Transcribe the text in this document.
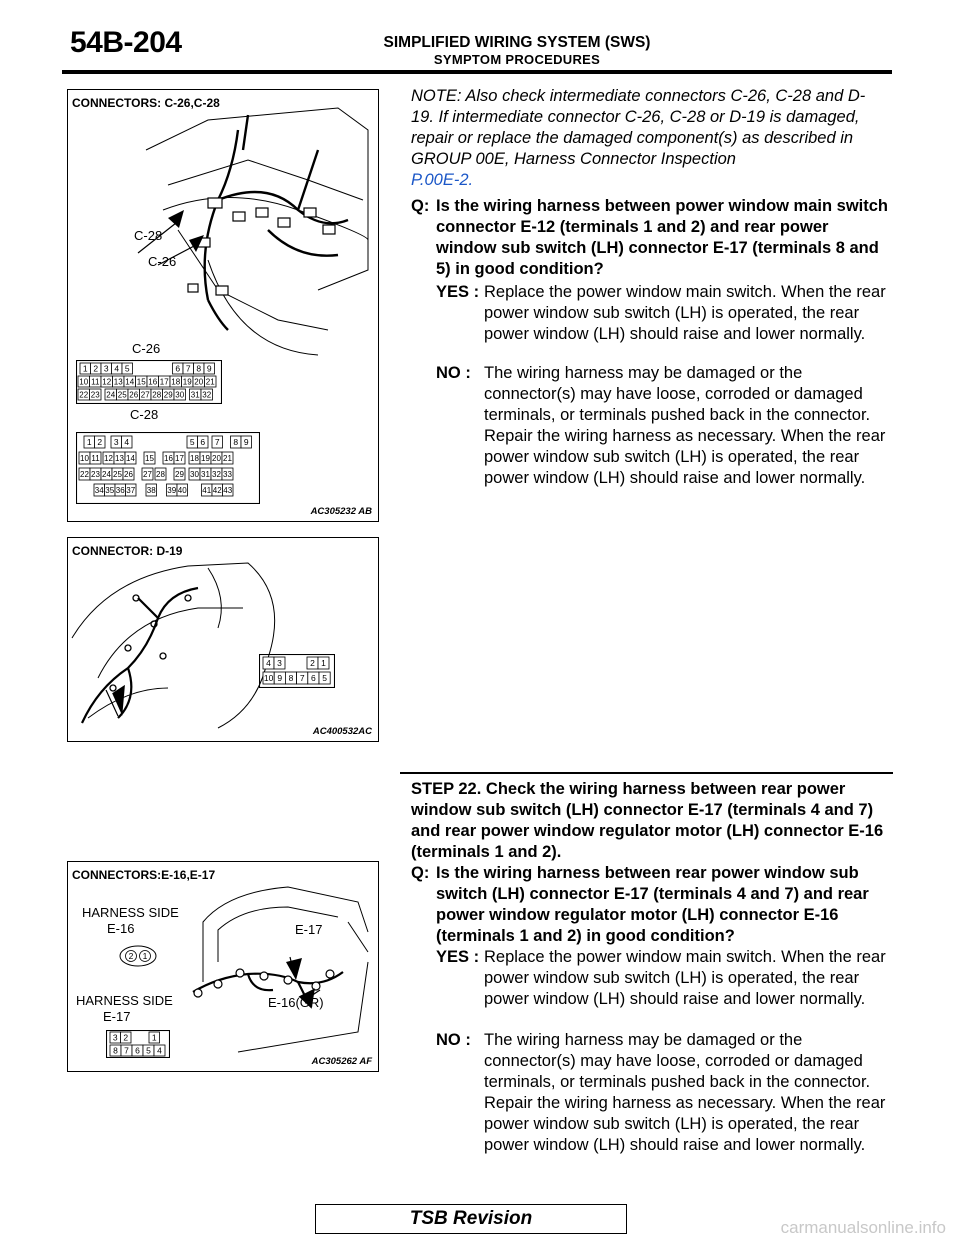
54B-204	SIMPLIFIED WIRING SYSTEM (SWS)
SYMPTOM PROCEDURES
CONNECTORS: C-26,C-28
C-28
C-26
C-26
C-28
1 2 3 4 5	6 7 8 9
10 11 12 13 14 15 16 17 18 19 20 21
22 23 24 25 26 27 28 29 30 31 32
1 2 3 4	5 6 7 8 9
10 11 12 13 14 15 16 17 18 19 20 21
22 23 24 25 26 27 28 29 30 31 32 33
34 35 36 37 38 39 40 41 42 43
AC305232 AB
CONNECTOR: D-19
4 3	2 1
10 9 8 7 6 5
AC400532AC
CONNECTORS:E-16,E-17
HARNESS SIDE
E-16
2 1
HARNESS SIDE
E-17
3 2	1
8 7 6 5 4
E-17
E-16(GR)
AC305262 AF
NOTE: Also check intermediate connectors C-26, C-28 and D-19. If intermediate connector C-26, C-28 or D-19 is damaged, repair or replace the damaged component(s) as described in GROUP 00E, Harness Connector Inspection
P.00E-2.
Q: Is the wiring harness between power window main switch connector E-12 (terminals 1 and 2) and rear power window sub switch (LH) connector E-17 (terminals 8 and 5) in good condition?
YES : Replace the power window main switch. When the rear power window sub switch (LH) is operated, the rear power window (LH) should raise and lower normally.
NO : The wiring harness may be damaged or the connector(s) may have loose, corroded or damaged terminals, or terminals pushed back in the connector. Repair the wiring harness as necessary. When the rear power window sub switch (LH) is operated, the rear power window (LH) should raise and lower normally.
STEP 22. Check the wiring harness between rear power window sub switch (LH) connector E-17 (terminals 4 and 7) and rear power window regulator motor (LH) connector E-16 (terminals 1 and 2).
Q: Is the wiring harness between rear power window sub switch (LH) connector E-17 (terminals 4 and 7) and rear power window regulator motor (LH) connector E-16 (terminals 1 and 2) in good condition?
YES : Replace the power window main switch. When the rear power window sub switch (LH) is operated, the rear power window (LH) should raise and lower normally.
NO : The wiring harness may be damaged or the connector(s) may have loose, corroded or damaged terminals, or terminals pushed back in the connector. Repair the wiring harness as necessary. When the rear power window sub switch (LH) is operated, the rear power window (LH) should raise and lower normally.
TSB Revision	carmanualsonline.info
